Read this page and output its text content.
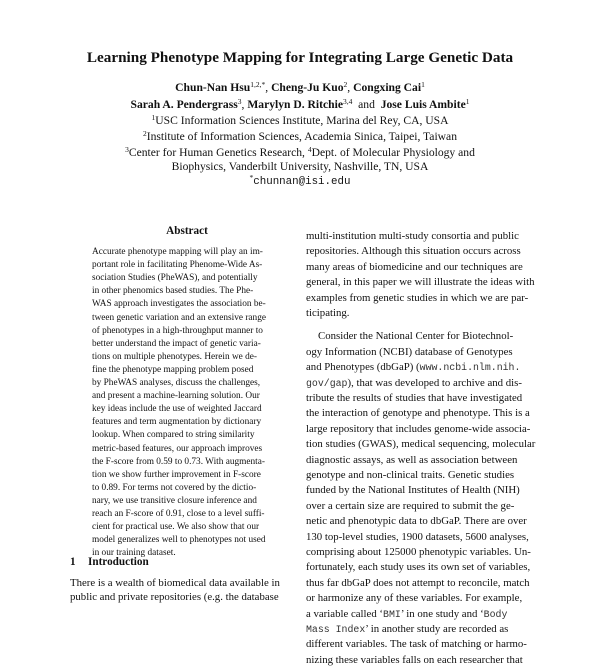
Learning Phenotype Mapping for Integrating Large Genetic Data
Chun-Nan Hsu$^{1,2,*}$, Cheng-Ju Kuo$^2$, Congxing Cai$^1$
Sarah A. Pendergrass$^3$, Marylyn D. Ritchie$^{3,4}$ and Jose Luis Ambite$^1$
$^1$USC Information Sciences Institute, Marina del Rey, CA, USA
$^2$Institute of Information Sciences, Academia Sinica, Taipei, Taiwan
$^3$Center for Human Genetics Research, $^4$Dept. of Molecular Physiology and
Biophysics, Vanderbilt University, Nashville, TN, USA
*chunnan@isi.edu
Abstract
Accurate phenotype mapping will play an im-
portant role in facilitating Phenome-Wide As-
sociation Studies (PheWAS), and potentially
in other phenomics based studies. The Phe-
WAS approach investigates the association be-
tween genetic variation and an extensive range
of phenotypes in a high-throughput manner to
better understand the impact of genetic varia-
tions on multiple phenotypes. Herein we de-
fine the phenotype mapping problem posed
by PheWAS analyses, discuss the challenges,
and present a machine-learning solution. Our
key ideas include the use of weighted Jaccard
features and term augmentation by dictionary
lookup. When compared to string similarity
metric-based features, our approach improves
the F-score from 0.59 to 0.73. With augmenta-
tion we show further improvement in F-score
to 0.89. For terms not covered by the dictio-
nary, we use transitive closure inference and
reach an F-score of 0.91, close to a level suffi-
cient for practical use. We also show that our
model generalizes well to phenotypes not used
in our training dataset.
1 Introduction
There is a wealth of biomedical data available in
public and private repositories (e.g. the database
multi-institution multi-study consortia and public
repositories. Although this situation occurs across
many areas of biomedicine and our techniques are
general, in this paper we will illustrate the ideas with
examples from genetic studies in which we are par-
ticipating.
Consider the National Center for Biotechnol-
ogy Information (NCBI) database of Genotypes
and Phenotypes (dbGaP) (www.ncbi.nlm.nih.
gov/gap), that was developed to archive and dis-
tribute the results of studies that have investigated
the interaction of genotype and phenotype. This is a
large repository that includes genome-wide associa-
tion studies (GWAS), medical sequencing, molecular
diagnostic assays, as well as association between
genotype and non-clinical traits. Genetic studies
funded by the National Institutes of Health (NIH)
over a certain size are required to submit the ge-
netic and phenotypic data to dbGaP. There are over
130 top-level studies, 1900 datasets, 5600 analyses,
comprising about 125000 phenotypic variables. Un-
fortunately, each study uses its own set of variables,
thus far dbGaP does not attempt to reconcile, match
or harmonize any of these variables. For example,
a variable called ‘BMI’ in one study and ‘Body
Mass Index’ in another study are recorded as
different variables. The task of matching or harmo-
nizing these variables falls on each researcher that
